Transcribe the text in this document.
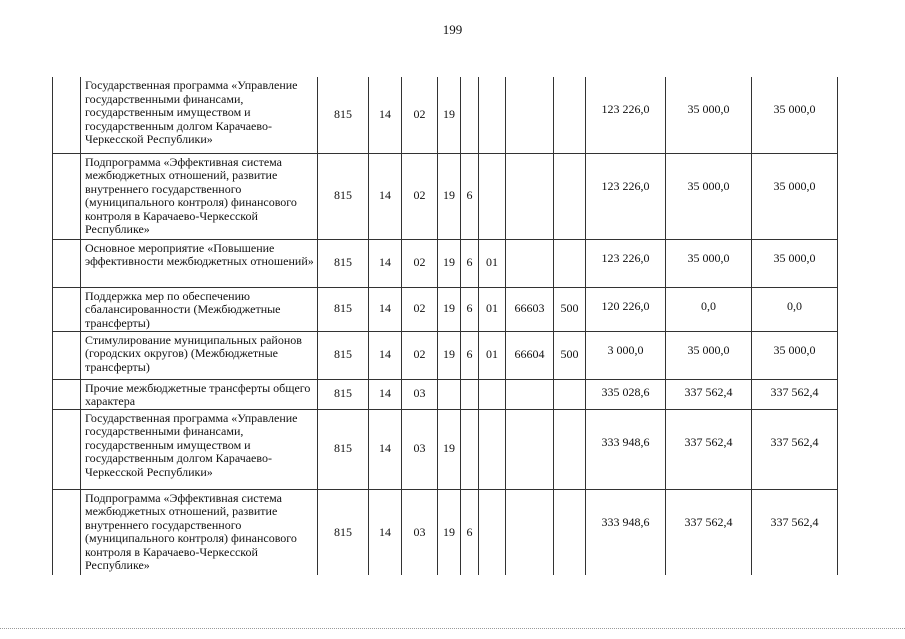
199
	Государственная программа «Управление государственными финансами, государственным имуществом и государственным долгом Карачаево-Черкесской Республики»	815	14	02	19					123 226,0	35 000,0	35 000,0
	Подпрограмма «Эффективная система межбюджетных отношений, развитие внутреннего государственного (муниципального контроля) финансового контроля в Карачаево-Черкесской Республике»	815	14	02	19	6				123 226,0	35 000,0	35 000,0
	Основное мероприятие «Повышение эффективности межбюджетных отношений»	815	14	02	19	6	01			123 226,0	35 000,0	35 000,0
	Поддержка мер по обеспечению сбалансированности (Межбюджетные трансферты)	815	14	02	19	6	01	66603	500	120 226,0	0,0	0,0
	Стимулирование муниципальных районов (городских округов) (Межбюджетные трансферты)	815	14	02	19	6	01	66604	500	3 000,0	35 000,0	35 000,0
	Прочие межбюджетные трансферты общего характера	815	14	03						335 028,6	337 562,4	337 562,4
	Государственная программа «Управление государственными финансами, государственным имуществом и государственным долгом Карачаево-Черкесской Республики»	815	14	03	19					333 948,6	337 562,4	337 562,4
	Подпрограмма «Эффективная система межбюджетных отношений, развитие внутреннего государственного (муниципального контроля) финансового контроля в Карачаево-Черкесской Республике»	815	14	03	19	6				333 948,6	337 562,4	337 562,4
